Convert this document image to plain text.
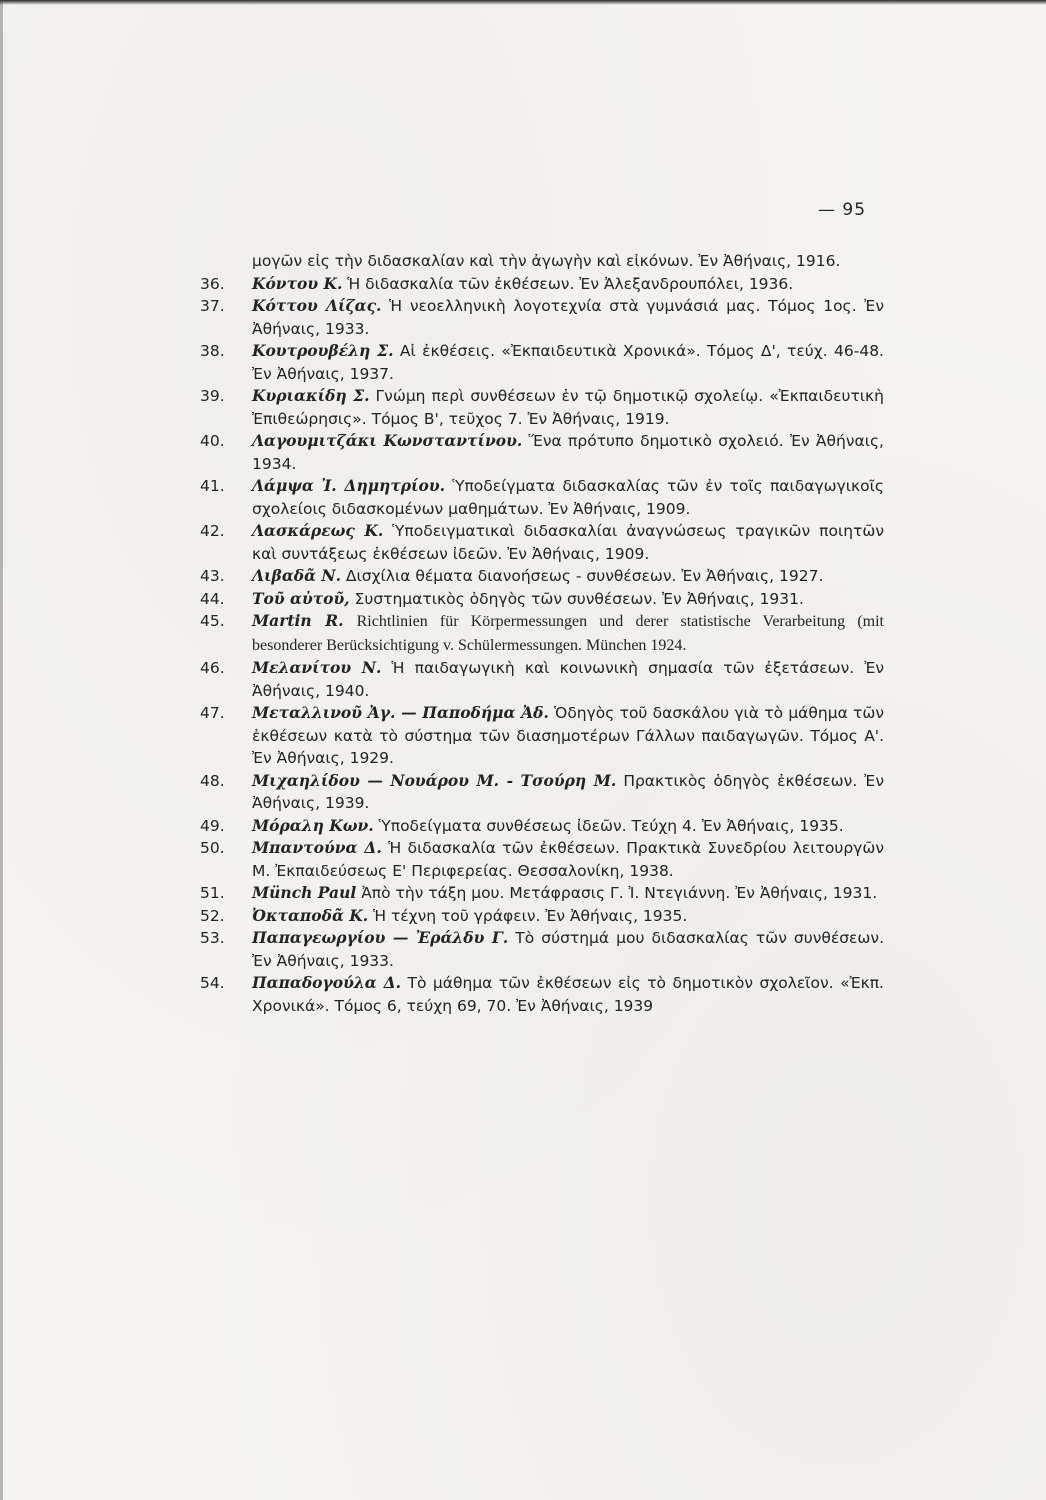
— 95
μογῶν εἰς τὴν διδασκαλίαν καὶ τὴν ἀγωγὴν καὶ εἰκόνων. Ἐν Ἀθήναις, 1916.
36.	Κόντου Κ. Ἡ διδασκαλία τῶν ἐκθέσεων. Ἐν Ἀλεξανδρουπόλει, 1936.
37.	Κόττου Λίζας. Ἡ νεοελληνικὴ λογοτεχνία στὰ γυμνάσιά μας. Τόμος 1ος. Ἐν Ἀθήναις, 1933.
38.	Κουτρουβέλη Σ. Αἱ ἐκθέσεις. «Ἐκπαιδευτικὰ Χρονικά». Τόμος Δ', τεύχ. 46-48. Ἐν Ἀθήναις, 1937.
39.	Κυριακίδη Σ. Γνώμη περὶ συνθέσεων ἐν τῷ δημοτικῷ σχολείῳ. «Ἐκπαιδευτικὴ Ἐπιθεώρησις». Τόμος Β', τεῦχος 7. Ἐν Ἀθήναις, 1919.
40.	Λαγουμιτζάκι Κωνσταντίνου. Ἕνα πρότυπο δημοτικὸ σχολειό. Ἐν Ἀθήναις, 1934.
41.	Λάμψα Ἰ. Δημητρίου. Ὑποδείγματα διδασκαλίας τῶν ἐν τοῖς παιδαγωγικοῖς σχολείοις διδασκομένων μαθημάτων. Ἐν Ἀθήναις, 1909.
42.	Λασκάρεως Κ. Ὑποδειγματικαὶ διδασκαλίαι ἀναγνώσεως τραγικῶν ποιητῶν καὶ συντάξεως ἐκθέσεων ἰδεῶν. Ἐν Ἀθήναις, 1909.
43.	Λιβαδᾶ Ν. Δισχίλια θέματα διανοήσεως - συνθέσεων. Ἐν Ἀθήναις, 1927.
44.	Τοῦ αὐτοῦ, Συστηματικὸς ὁδηγὸς τῶν συνθέσεων. Ἐν Ἀθήναις, 1931.
45.	Martin R. Richtlinien für Körpermessungen und derer statistische Verarbeitung (mit besonderer Berücksichtigung v. Schülermessungen. München 1924.
46.	Μελανίτου Ν. Ἡ παιδαγωγικὴ καὶ κοινωνικὴ σημασία τῶν ἐξετάσεων. Ἐν Ἀθήναις, 1940.
47.	Μεταλλινοῦ Ἀγ. — Παποδήμα Ἀδ. Ὁδηγὸς τοῦ δασκάλου γιὰ τὸ μάθημα τῶν ἐκθέσεων κατὰ τὸ σύστημα τῶν διασημοτέρων Γάλλων παιδαγωγῶν. Τόμος Α'. Ἐν Ἀθήναις, 1929.
48.	Μιχαηλίδου — Νουάρου Μ. - Τσούρη Μ. Πρακτικὸς ὁδηγὸς ἐκθέσεων. Ἐν Ἀθήναις, 1939.
49.	Μόραλη Κων. Ὑποδείγματα συνθέσεως ἰδεῶν. Τεύχη 4. Ἐν Ἀθήναις, 1935.
50.	Μπαντούνα Δ. Ἡ διδασκαλία τῶν ἐκθέσεων. Πρακτικὰ Συνεδρίου λειτουργῶν Μ. Ἐκπαιδεύσεως Ε' Περιφερείας. Θεσσαλονίκη, 1938.
51.	Münch Paul Ἀπὸ τὴν τάξη μου. Μετάφρασις Γ. Ἰ. Ντεγιάννη. Ἐν Ἀθήναις, 1931.
52.	Ὀκταποδᾶ Κ. Ἡ τέχνη τοῦ γράφειν. Ἐν Ἀθήναις, 1935.
53.	Παπαγεωργίου — Ἐράλδυ Γ. Τὸ σύστημά μου διδασκαλίας τῶν συνθέσεων. Ἐν Ἀθήναις, 1933.
54.	Παπαδογούλα Δ. Τὸ μάθημα τῶν ἐκθέσεων εἰς τὸ δημοτικὸν σχολεῖον. «Ἐκπ. Χρονικά». Τόμος 6, τεύχη 69, 70. Ἐν Ἀθήναις, 1939
